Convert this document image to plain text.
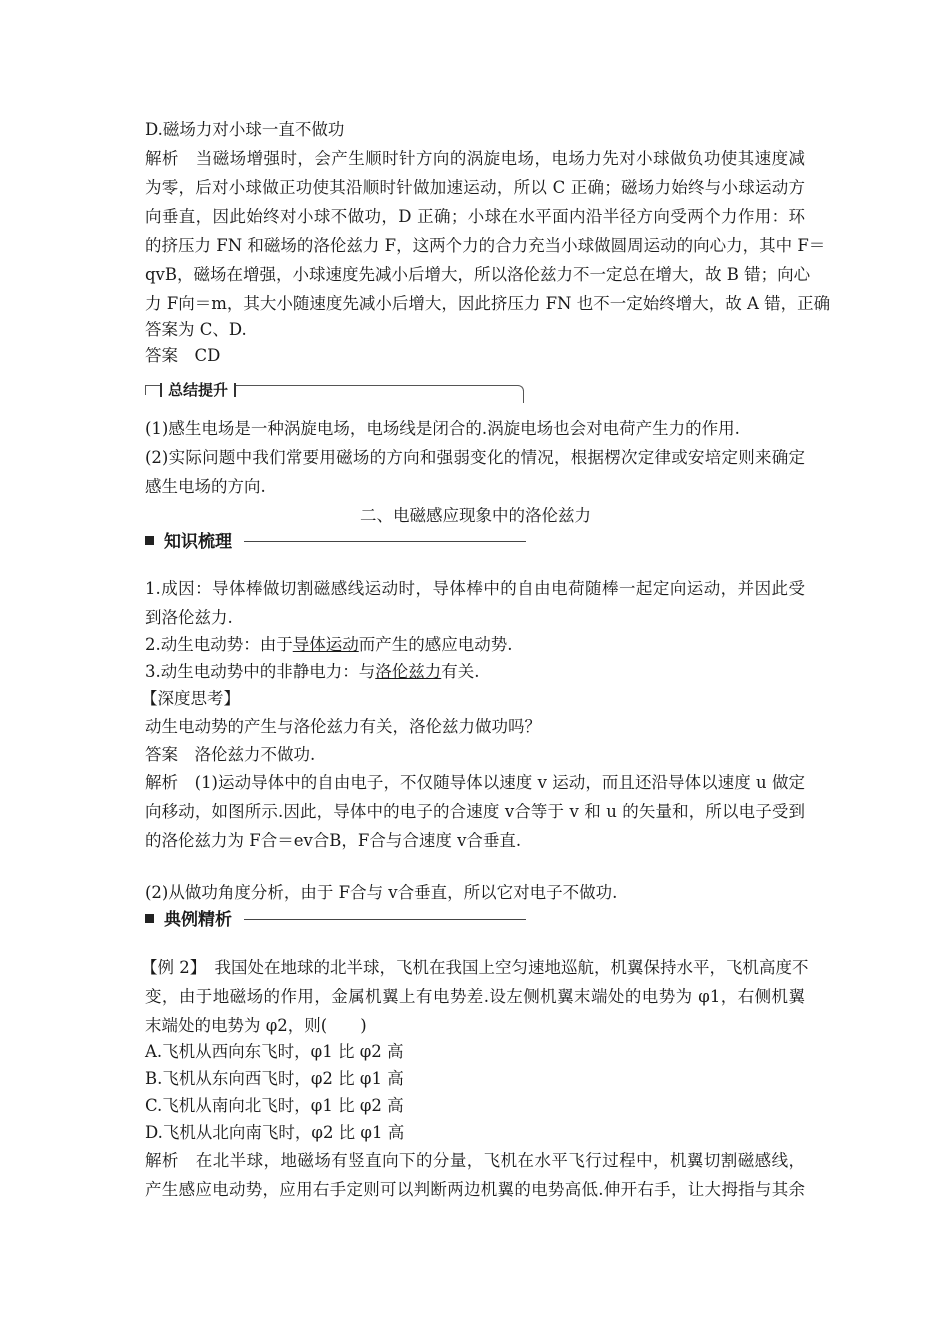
D.磁场力对小球一直不做功
解析　当磁场增强时，会产生顺时针方向的涡旋电场，电场力先对小球做负功使其速度减
为零，后对小球做正功使其沿顺时针做加速运动，所以 C 正确；磁场力始终与小球运动方
向垂直，因此始终对小球不做功，D 正确；小球在水平面内沿半径方向受两个力作用：环
的挤压力 FN 和磁场的洛伦兹力 F，这两个力的合力充当小球做圆周运动的向心力，其中 F＝
qvB，磁场在增强，小球速度先减小后增大，所以洛伦兹力不一定总在增大，故 B 错；向心
力 F向＝m，其大小随速度先减小后增大，因此挤压力 FN 也不一定始终增大，故 A 错，正确
答案为 C、D.
答案　CD
总结提升
(1)感生电场是一种涡旋电场，电场线是闭合的.涡旋电场也会对电荷产生力的作用.
(2)实际问题中我们常要用磁场的方向和强弱变化的情况，根据楞次定律或安培定则来确定
感生电场的方向.
二、电磁感应现象中的洛伦兹力
知识梳理
1.成因：导体棒做切割磁感线运动时，导体棒中的自由电荷随棒一起定向运动，并因此受
到洛伦兹力.
2.动生电动势：由于导体运动而产生的感应电动势.
3.动生电动势中的非静电力：与洛伦兹力有关.
【深度思考】
动生电动势的产生与洛伦兹力有关，洛伦兹力做功吗？
答案　洛伦兹力不做功.
解析　(1)运动导体中的自由电子，不仅随导体以速度 v 运动，而且还沿导体以速度 u 做定
向移动，如图所示.因此，导体中的电子的合速度 v合等于 v 和 u 的矢量和，所以电子受到
的洛伦兹力为 F合＝ev合B，F合与合速度 v合垂直.
(2)从做功角度分析，由于 F合与 v合垂直，所以它对电子不做功.
典例精析
【例 2】　我国处在地球的北半球，飞机在我国上空匀速地巡航，机翼保持水平，飞机高度不
变，由于地磁场的作用，金属机翼上有电势差.设左侧机翼末端处的电势为 φ1，右侧机翼
末端处的电势为 φ2，则(　　)
A.飞机从西向东飞时，φ1 比 φ2 高
B.飞机从东向西飞时，φ2 比 φ1 高
C.飞机从南向北飞时，φ1 比 φ2 高
D.飞机从北向南飞时，φ2 比 φ1 高
解析　在北半球，地磁场有竖直向下的分量，飞机在水平飞行过程中，机翼切割磁感线，
产生感应电动势，应用右手定则可以判断两边机翼的电势高低.伸开右手，让大拇指与其余
